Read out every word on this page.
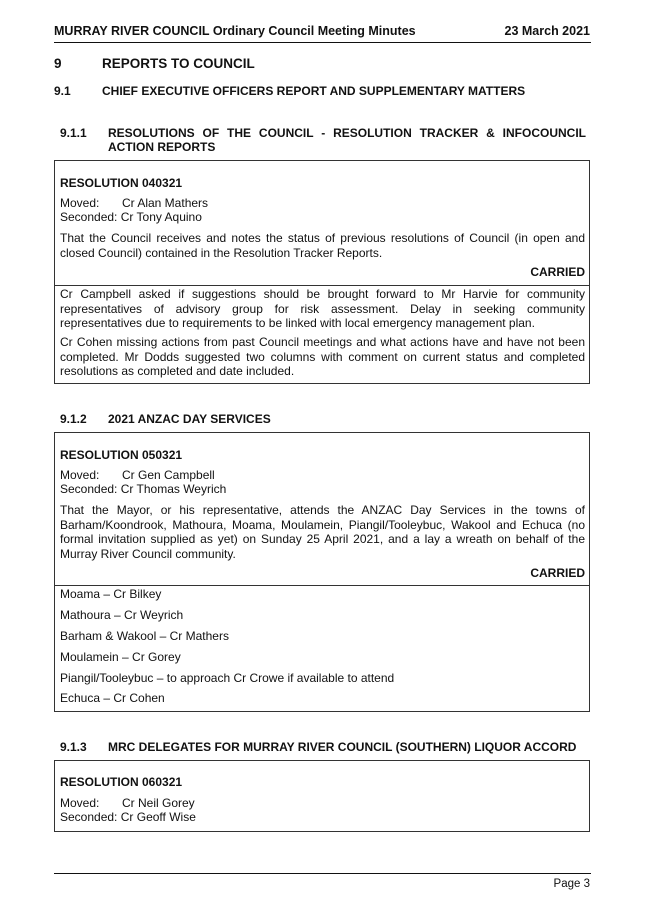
MURRAY RIVER COUNCIL Ordinary Council Meeting Minutes	23 March 2021
9	REPORTS TO COUNCIL
9.1	CHIEF EXECUTIVE OFFICERS REPORT AND SUPPLEMENTARY MATTERS
9.1.1 RESOLUTIONS OF THE COUNCIL - RESOLUTION TRACKER & INFOCOUNCIL ACTION REPORTS
RESOLUTION 040321
Moved: Cr Alan Mathers
Seconded: Cr Tony Aquino
That the Council receives and notes the status of previous resolutions of Council (in open and closed Council) contained in the Resolution Tracker Reports.
CARRIED
Cr Campbell asked if suggestions should be brought forward to Mr Harvie for community representatives of advisory group for risk assessment. Delay in seeking community representatives due to requirements to be linked with local emergency management plan.
Cr Cohen missing actions from past Council meetings and what actions have and have not been completed. Mr Dodds suggested two columns with comment on current status and completed resolutions as completed and date included.
9.1.2 2021 ANZAC DAY SERVICES
RESOLUTION 050321
Moved: Cr Gen Campbell
Seconded: Cr Thomas Weyrich
That the Mayor, or his representative, attends the ANZAC Day Services in the towns of Barham/Koondrook, Mathoura, Moama, Moulamein, Piangil/Tooleybuc, Wakool and Echuca (no formal invitation supplied as yet) on Sunday 25 April 2021, and a lay a wreath on behalf of the Murray River Council community.
CARRIED
Moama – Cr Bilkey
Mathoura – Cr Weyrich
Barham & Wakool – Cr Mathers
Moulamein – Cr Gorey
Piangil/Tooleybuc – to approach Cr Crowe if available to attend
Echuca – Cr Cohen
9.1.3 MRC DELEGATES FOR MURRAY RIVER COUNCIL (SOUTHERN) LIQUOR ACCORD
RESOLUTION 060321
Moved: Cr Neil Gorey
Seconded: Cr Geoff Wise
Page 3
